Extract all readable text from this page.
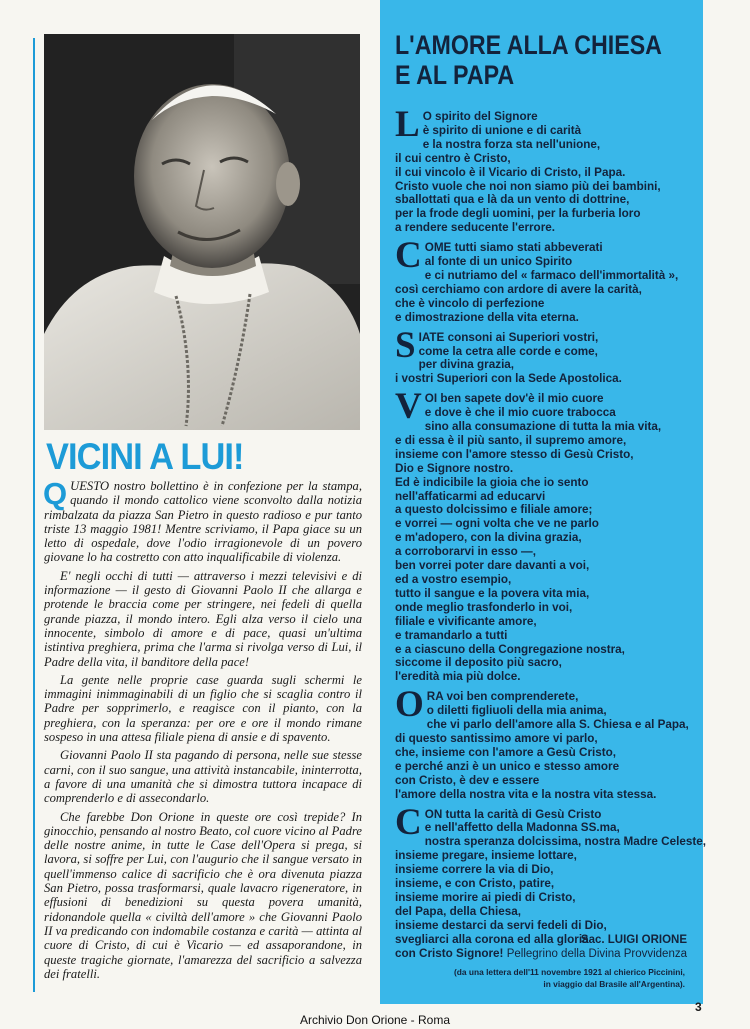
VICINI A LUI!

QUESTO nostro bollettino è in confezione per la stampa, quando il mondo cattolico viene sconvolto dalla notizia rimbalzata da piazza San Pietro in questo radioso e pur tanto triste 13 maggio 1981! Mentre scriviamo, il Papa giace su un letto di ospedale, dove l'odio irragionevole di un povero giovane lo ha costretto con atto inqualificabile di violenza.

E' negli occhi di tutti — attraverso i mezzi televisivi e di informazione — il gesto di Giovanni Paolo II che allarga e protende le braccia come per stringere, nei fedeli di quella grande piazza, il mondo intero. Egli alza verso il cielo una innocente, simbolo di amore e di pace, quasi un'ultima istintiva preghiera, prima che l'arma si rivolga verso di Lui, il Padre della vita, il banditore della pace!

La gente nelle proprie case guarda sugli schermi le immagini inimmaginabili di un figlio che si scaglia contro il Padre per sopprimerlo, e reagisce con il pianto, con la preghiera, con la speranza: per ore e ore il mondo rimane sospeso in una attesa filiale piena di ansie e di spavento.

Giovanni Paolo II sta pagando di persona, nelle sue stesse carni, con il suo sangue, una attività instancabile, ininterrotta, a favore di una umanità che si dimostra tuttora incapace di comprenderlo e di assecondarlo.

Che farebbe Don Orione in queste ore così trepide? In ginocchio, pensando al nostro Beato, col cuore vicino al Padre delle nostre anime, in tutte le Case dell'Opera si prega, si lavora, si soffre per Lui, con l'augurio che il sangue versato in quell'immenso calice di sacrificio che è ora divenuta piazza San Pietro, possa trasformarsi, quale lavacro rigeneratore, in effusioni di benedizioni su questa povera umanità, ridonandole quella « civiltà dell'amore » che Giovanni Paolo II va predicando con indomabile costanza e carità — attinta al cuore di Cristo, di cui è Vicario — ed assaporandone, in queste tragiche giornate, l'amarezza del sacrificio a salvezza dei fratelli.

L'AMORE ALLA CHIESA
E AL PAPA
L O spirito del Signore
è spirito di unione e di carità
e la nostra forza sta nell'unione,
il cui centro è Cristo,
il cui vincolo è il Vicario di Cristo, il Papa.
Cristo vuole che noi non siamo più dei bambini,
sballottati qua e là da un vento di dottrine,
per la frode degli uomini, per la furberia loro
a rendere seducente l'errore.
C OME tutti siamo stati abbeverati
al fonte di un unico Spirito
e ci nutriamo del « farmaco dell'immortalità »,
così cerchiamo con ardore di avere la carità,
che è vincolo di perfezione
e dimostrazione della vita eterna.
S IATE consoni ai Superiori vostri,
come la cetra alle corde e come,
per divina grazia,
i vostri Superiori con la Sede Apostolica.
V OI ben sapete dov'è il mio cuore
e dove è che il mio cuore trabocca
sino alla consumazione di tutta la mia vita,
e di essa è il più santo, il supremo amore,
insieme con l'amore stesso di Gesù Cristo,
Dio e Signore nostro.
Ed è indicibile la gioia che io sento
nell'affaticarmi ad educarvi
a questo dolcissimo e filiale amore;
e vorrei — ogni volta che ve ne parlo
e m'adopero, con la divina grazia,
a corroborarvi in esso —,
ben vorrei poter dare davanti a voi,
ed a vostro esempio,
tutto il sangue e la povera vita mia,
onde meglio trasfonderlo in voi,
filiale e vivificante amore,
e tramandarlo a tutti
e a ciascuno della Congregazione nostra,
siccome il deposito più sacro,
l'eredità mia più dolce.
O RA voi ben comprenderete,
o diletti figliuoli della mia anima,
che vi parlo dell'amore alla S. Chiesa e al Papa,
di questo santissimo amore vi parlo,
che, insieme con l'amore a Gesù Cristo,
e perché anzi è un unico e stesso amore
con Cristo, è dev e essere
l'amore della nostra vita e la nostra vita stessa.
C ON tutta la carità di Gesù Cristo
e nell'affetto della Madonna SS.ma,
nostra speranza dolcissima, nostra Madre Celeste,
insieme pregare, insieme lottare,
insieme correre la via di Dio,
insieme, e con Cristo, patire,
insieme morire ai piedi di Cristo,
del Papa, della Chiesa,
insieme destarci da servi fedeli di Dio,
svegliarci alla corona ed alla gloria
con Cristo Signore!
Sac. LUIGI ORIONE
Pellegrino della Divina Provvidenza
(da una lettera dell'11 novembre 1921 al chierico Piccinini,
in viaggio dal Brasile all'Argentina).
3
Archivio Don Orione - Roma
